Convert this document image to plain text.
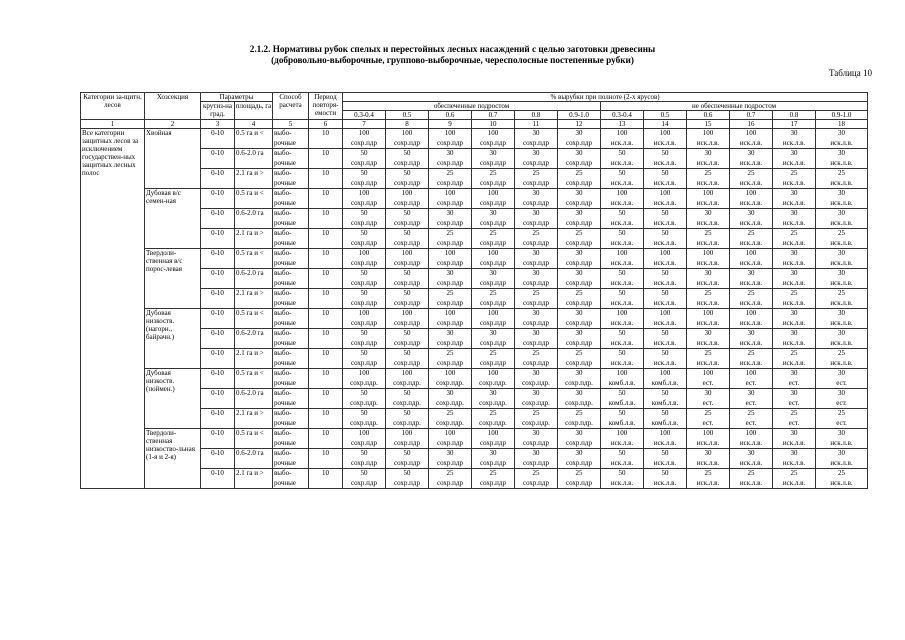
2.1.2. Нормативы рубок спелых и перестойных лесных насаждений с целью заготовки древесины
(добровольно-выборочные, группово-выборочные, чересполосные постепенные рубки)
Таблица 10
Категории за-щитн. лесов	Хозсекция	Параметры		Способ расчета	Период повторя-емости	% вырубки при полноте (2-х ярусов)											
		крутиз-на град.	площадь, га			обеспеченные подростом						не обеспеченные подростом					
						0.3-0.4	0.5	0.6	0.7	0.8	0.9-1.0	0.3-0.4	0.5	0.6	0.7	0.8	0.9-1.0
1	2	3	4	5	6	7	8	9	10	11	12	13	14	15	16	17	18
Все категории защитных лесов за исключением государствен-ных защитных лесных полос	Хвойная	0-10	0.5 га и <	выбо-	10	100	100	100	100	30	30	100	100	100	100	30	30
				рочные		сохр.пдр	сохр.пдр	сохр.пдр	сохр.пдр	сохр.пдр	сохр.пдр	иск.л.в.	иск.л.в.	иск.л.в.	иск.л.в.	иск.л.в.	иск.л.в.
		0-10	0.6-2.0 га	выбо-	10	50	50	30	30	30	30	50	50	30	30	30	30
				рочные		сохр.пдр	сохр.пдр	сохр.пдр	сохр.пдр	сохр.пдр	сохр.пдр	иск.л.в.	иск.л.в.	иск.л.в.	иск.л.в.	иск.л.в.	иск.л.в.
		0-10	2.1 га и >	выбо-	10	50	50	25	25	25	25	50	50	25	25	25	25
				рочные		сохр.пдр	сохр.пдр	сохр.пдр	сохр.пдр	сохр.пдр	сохр.пдр	иск.л.в.	иск.л.в.	иск.л.в.	иск.л.в.	иск.л.в.	иск.л.в.
	Дубовая в/с семен-ная	0-10	0.5 га и <	выбо-	10	100	100	100	100	30	30	100	100	100	100	30	30
				рочные		сохр.пдр	сохр.пдр	сохр.пдр	сохр.пдр	сохр.пдр	сохр.пдр	иск.л.в.	иск.л.в.	иск.л.в.	иск.л.в.	иск.л.в.	иск.л.в.
		0-10	0.6-2.0 га	выбо-	10	50	50	30	30	30	30	50	50	30	30	30	30
				рочные		сохр.пдр	сохр.пдр	сохр.пдр	сохр.пдр	сохр.пдр	сохр.пдр	иск.л.в.	иск.л.в.	иск.л.в.	иск.л.в.	иск.л.в.	иск.л.в.
		0-10	2.1 га и >	выбо-	10	50	50	25	25	25	25	50	50	25	25	25	25
				рочные		сохр.пдр	сохр.пдр	сохр.пдр	сохр.пдр	сохр.пдр	сохр.пдр	иск.л.в.	иск.л.в.	иск.л.в.	иск.л.в.	иск.л.в.	иск.л.в.
	Твердоли-ственная в/с порос-левая	0-10	0.5 га и <	выбо-	10	100	100	100	100	30	30	100	100	100	100	30	30
				рочные		сохр.пдр	сохр.пдр	сохр.пдр	сохр.пдр	сохр.пдр	сохр.пдр	иск.л.в.	иск.л.в.	иск.л.в.	иск.л.в.	иск.л.в.	иск.л.в.
		0-10	0.6-2.0 га	выбо-	10	50	50	30	30	30	30	50	50	30	30	30	30
				рочные		сохр.пдр	сохр.пдр	сохр.пдр	сохр.пдр	сохр.пдр	сохр.пдр	иск.л.в.	иск.л.в.	иск.л.в.	иск.л.в.	иск.л.в.	иск.л.в.
		0-10	2.1 га и >	выбо-	10	50	50	25	25	25	25	50	50	25	25	25	25
				рочные		сохр.пдр	сохр.пдр	сохр.пдр	сохр.пдр	сохр.пдр	сохр.пдр	иск.л.в.	иск.л.в.	иск.л.в.	иск.л.в.	иск.л.в.	иск.л.в.
	Дубовая низкоств. (нагорн., байрачн.)	0-10	0.5 га и <	выбо-	10	100	100	100	100	30	30	100	100	100	100	30	30
				рочные		сохр.пдр	сохр.пдр	сохр.пдр	сохр.пдр	сохр.пдр	сохр.пдр	иск.л.в.	иск.л.в.	иск.л.в.	иск.л.в.	иск.л.в.	иск.л.в.
		0-10	0.6-2.0 га	выбо-	10	50	50	30	30	30	30	50	50	30	30	30	30
				рочные		сохр.пдр	сохр.пдр	сохр.пдр	сохр.пдр	сохр.пдр	сохр.пдр	иск.л.в.	иск.л.в.	иск.л.в.	иск.л.в.	иск.л.в.	иск.л.в.
		0-10	2.1 га и >	выбо-	10	50	50	25	25	25	25	50	50	25	25	25	25
				рочные		сохр.пдр	сохр.пдр	сохр.пдр	сохр.пдр	сохр.пдр	сохр.пдр	иск.л.в.	иск.л.в.	иск.л.в.	иск.л.в.	иск.л.в.	иск.л.в.
	Дубовая низкоств. (поймен.)	0-10	0.5 га и <	выбо-	10	100	100	100	100	30	30	100	100	100	100	30	30
				рочные		сохр.пдр.	сохр.пдр.	сохр.пдр.	сохр.пдр.	сохр.пдр.	сохр.пдр.	комб.л.в.	комб.л.в.	ест.	ест.	ест.	ест.
		0-10	0.6-2.0 га	выбо-	10	50	50	30	30	30	30	50	50	30	30	30	30
				рочные		сохр.пдр.	сохр.пдр.	сохр.пдр.	сохр.пдр.	сохр.пдр.	сохр.пдр.	комб.л.в.	комб.л.в.	ест.	ест.	ест.	ест.
		0-10	2.1 га и >	выбо-	10	50	50	25	25	25	25	50	50	25	25	25	25
				рочные		сохр.пдр.	сохр.пдр.	сохр.пдр.	сохр.пдр.	сохр.пдр.	сохр.пдр.	комб.л.в.	комб.л.в.	ест.	ест.	ест.	ест.
	Твердоли-ственная низкоство-льная (1-я и 2-я)	0-10	0.5 га и <	выбо-	10	100	100	100	100	30	30	100	100	100	100	30	30
				рочные		сохр.пдр	сохр.пдр	сохр.пдр	сохр.пдр	сохр.пдр	сохр.пдр	иск.л.в.	иск.л.в.	иск.л.в.	иск.л.в.	иск.л.в.	иск.л.в.
		0-10	0.6-2.0 га	выбо-	10	50	50	30	30	30	30	50	50	30	30	30	30
				рочные		сохр.пдр	сохр.пдр	сохр.пдр	сохр.пдр	сохр.пдр	сохр.пдр	иск.л.в.	иск.л.в.	иск.л.в.	иск.л.в.	иск.л.в.	иск.л.в.
		0-10	2.1 га и >	выбо-	10	50	50	25	25	25	25	50	50	25	25	25	25
				рочные		сохр.пдр	сохр.пдр	сохр.пдр	сохр.пдр	сохр.пдр	сохр.пдр	иск.л.в.	иск.л.в.	иск.л.в.	иск.л.в.	иск.л.в.	иск.л.в.
